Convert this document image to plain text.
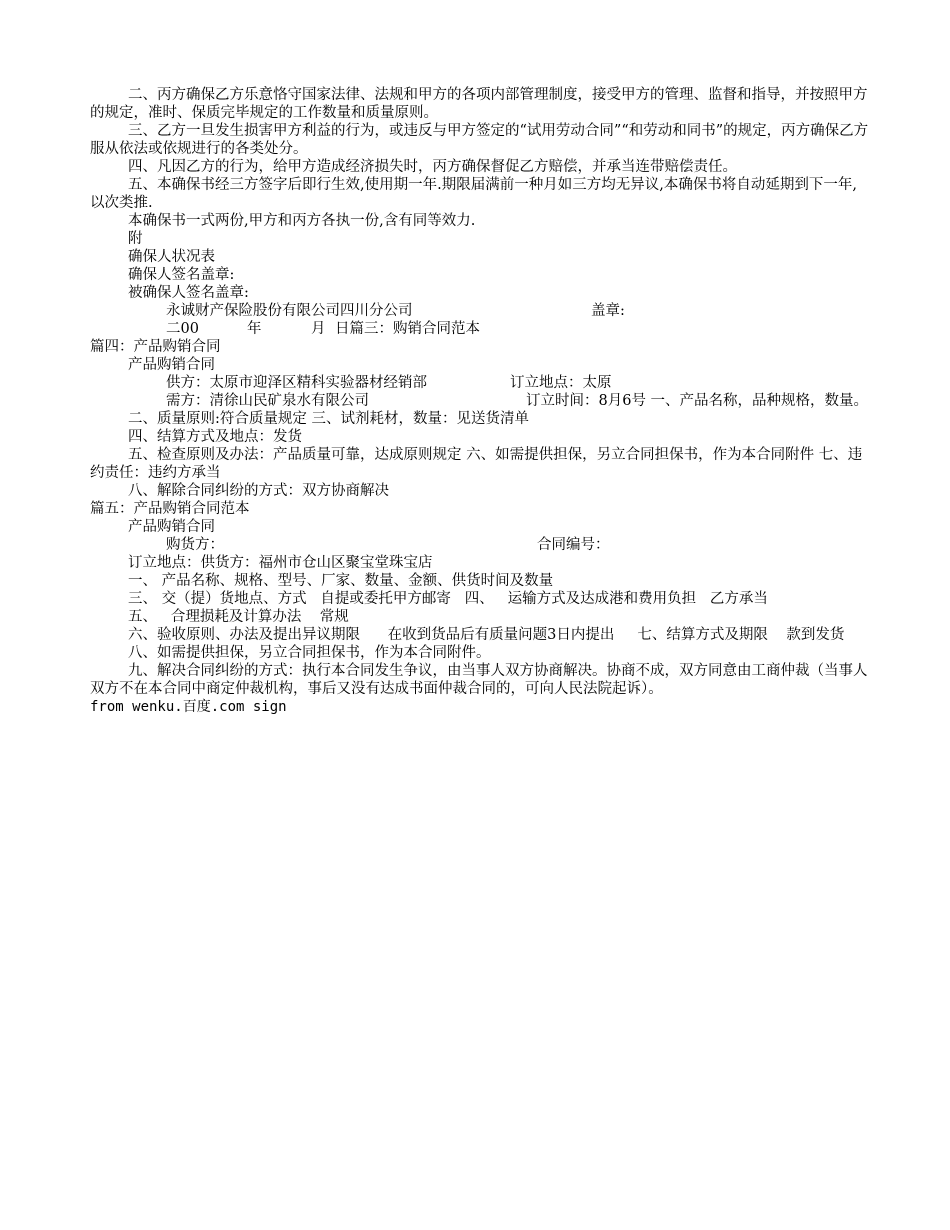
二、丙方确保乙方乐意恪守国家法律、法规和甲方的各项内部管理制度，接受甲方的管理、监督和指导，并按照甲方的规定，准时、保质完毕规定的工作数量和质量原则。

三、乙方一旦发生损害甲方利益的行为，或违反与甲方签定的“试用劳动合同”“和劳动和同书”的规定，丙方确保乙方服从依法或依规进行的各类处分。

四、凡因乙方的行为，给甲方造成经济损失时，丙方确保督促乙方赔偿，并承当连带赔偿责任。

五、本确保书经三方签字后即行生效,使用期一年.期限届满前一种月如三方均无异议,本确保书将自动延期到下一年,以次类推.

本确保书一式两份,甲方和丙方各执一份,含有同等效力.

附

确保人状况表

确保人签名盖章:

被确保人签名盖章:

永诚财产保险股份有限公司四川分公司	盖章:

二00	年	月 日篇三：购销合同范本

篇四：产品购销合同

产品购销合同

供方：太原市迎泽区精科实验器材经销部	订立地点：太原

需方：清徐山民矿泉水有限公司	订立时间：8月6号 一、产品名称，品种规格，数量。

二、质量原则:符合质量规定 三、试剂耗材，数量：见送货清单

四、结算方式及地点：发货

五、检查原则及办法：产品质量可靠，达成原则规定 六、如需提供担保，另立合同担保书，作为本合同附件 七、违约责任：违约方承当

八、解除合同纠纷的方式：双方协商解决

篇五：产品购销合同范本

产品购销合同

购货方：	合同编号：

订立地点：供货方：福州市仓山区聚宝堂珠宝店

一、 产品名称、规格、型号、厂家、数量、金额、供货时间及数量

三、 交（提）货地点、方式   自提或委托甲方邮寄   四、   运输方式及达成港和费用负担   乙方承当

五、   合理损耗及计算办法    常规

六、验收原则、办法及提出异议期限      在收到货品后有质量问题3日内提出     七、结算方式及期限    款到发货

八、如需提供担保，另立合同担保书，作为本合同附件。

九、解决合同纠纷的方式：执行本合同发生争议，由当事人双方协商解决。协商不成，双方同意由工商仲裁（当事人双方不在本合同中商定仲裁机构，事后又没有达成书面仲裁合同的，可向人民法院起诉）。

from wenku.百度.com sign
